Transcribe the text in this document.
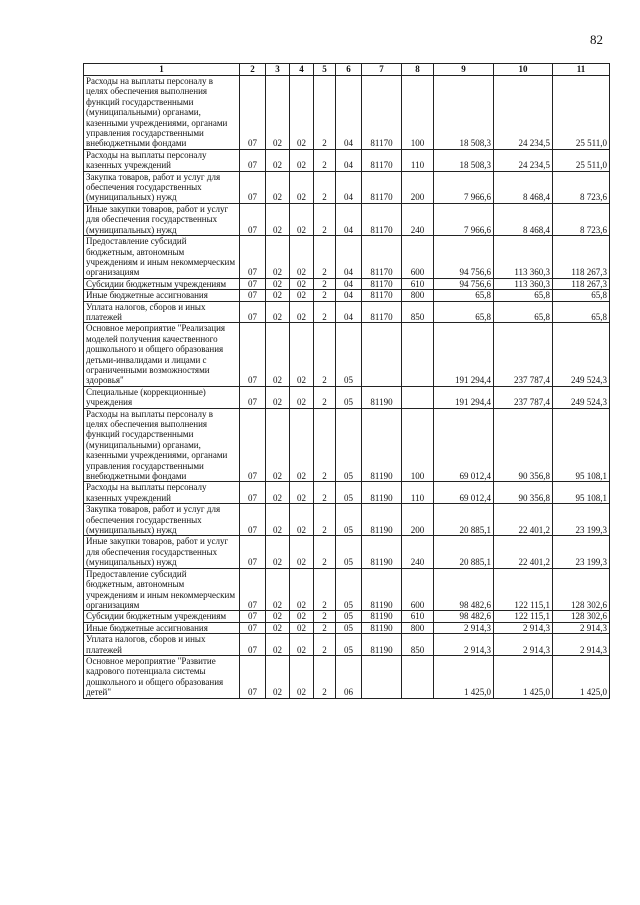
82
1	2	3	4	5	6	7	8	9	10	11
Расходы на выплаты персоналу в целях обеспечения выполнения функций государственными (муниципальными) органами, казенными учреждениями, органами управления государственными внебюджетными фондами	07	02	02	2	04	81170	100	18 508,3	24 234,5	25 511,0
Расходы на выплаты персоналу казенных учреждений	07	02	02	2	04	81170	110	18 508,3	24 234,5	25 511,0
Закупка товаров, работ и услуг для обеспечения государственных (муниципальных) нужд	07	02	02	2	04	81170	200	7 966,6	8 468,4	8 723,6
Иные закупки товаров, работ и услуг для обеспечения государственных (муниципальных) нужд	07	02	02	2	04	81170	240	7 966,6	8 468,4	8 723,6
Предоставление субсидий бюджетным, автономным учреждениям и иным некоммерческим организациям	07	02	02	2	04	81170	600	94 756,6	113 360,3	118 267,3
Субсидии бюджетным учреждениям	07	02	02	2	04	81170	610	94 756,6	113 360,3	118 267,3
Иные бюджетные ассигнования	07	02	02	2	04	81170	800	65,8	65,8	65,8
Уплата налогов, сборов и иных платежей	07	02	02	2	04	81170	850	65,8	65,8	65,8
Основное мероприятие "Реализация моделей получения качественного дошкольного и общего образования детьми-инвалидами и лицами с ограниченными возможностями здоровья"	07	02	02	2	05			191 294,4	237 787,4	249 524,3
Специальные (коррекционные) учреждения	07	02	02	2	05	81190		191 294,4	237 787,4	249 524,3
Расходы на выплаты персоналу в целях обеспечения выполнения функций государственными (муниципальными) органами, казенными учреждениями, органами управления государственными внебюджетными фондами	07	02	02	2	05	81190	100	69 012,4	90 356,8	95 108,1
Расходы на выплаты персоналу казенных учреждений	07	02	02	2	05	81190	110	69 012,4	90 356,8	95 108,1
Закупка товаров, работ и услуг для обеспечения государственных (муниципальных) нужд	07	02	02	2	05	81190	200	20 885,1	22 401,2	23 199,3
Иные закупки товаров, работ и услуг для обеспечения государственных (муниципальных) нужд	07	02	02	2	05	81190	240	20 885,1	22 401,2	23 199,3
Предоставление субсидий бюджетным, автономным учреждениям и иным некоммерческим организациям	07	02	02	2	05	81190	600	98 482,6	122 115,1	128 302,6
Субсидии бюджетным учреждениям	07	02	02	2	05	81190	610	98 482,6	122 115,1	128 302,6
Иные бюджетные ассигнования	07	02	02	2	05	81190	800	2 914,3	2 914,3	2 914,3
Уплата налогов, сборов и иных платежей	07	02	02	2	05	81190	850	2 914,3	2 914,3	2 914,3
Основное мероприятие "Развитие кадрового потенциала системы дошкольного и общего образования детей"	07	02	02	2	06			1 425,0	1 425,0	1 425,0
